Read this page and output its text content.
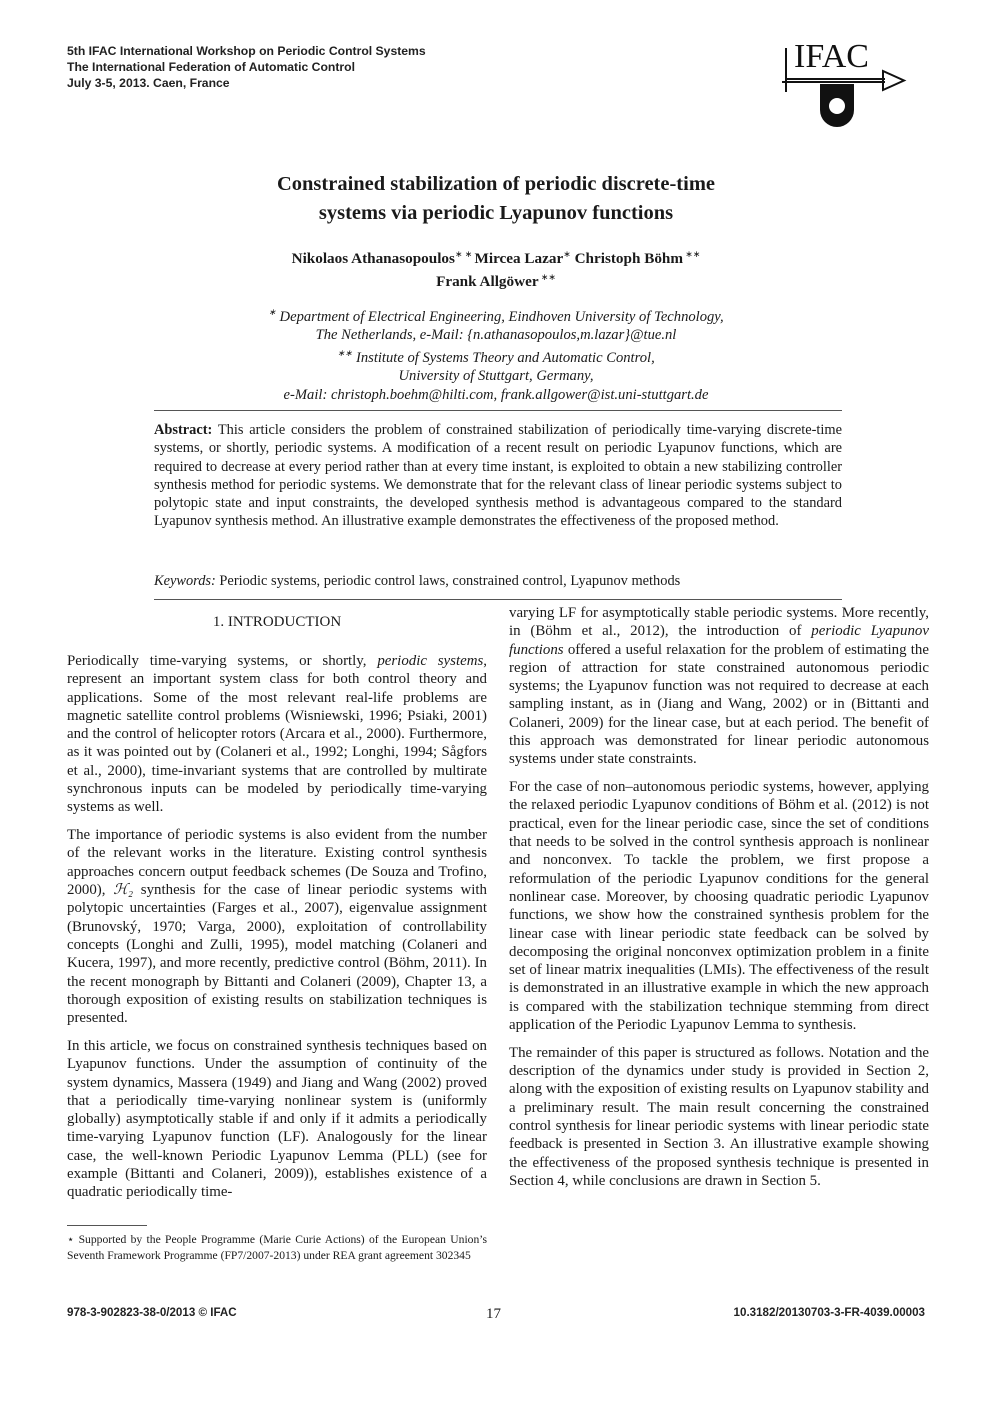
5th IFAC International Workshop on Periodic Control Systems
The International Federation of Automatic Control
July 3-5, 2013. Caen, France
IFAC
Constrained stabilization of periodic discrete-time
systems via periodic Lyapunov functions
Nikolaos Athanasopoulos∗ ∗ Mircea Lazar∗ Christoph Böhm ∗∗
Frank Allgöwer ∗∗
∗ Department of Electrical Engineering, Eindhoven University of Technology,
The Netherlands, e-Mail: {n.athanasopoulos,m.lazar}@tue.nl
∗∗ Institute of Systems Theory and Automatic Control,
University of Stuttgart, Germany,
e-Mail: christoph.boehm@hilti.com, frank.allgower@ist.uni-stuttgart.de
Abstract: This article considers the problem of constrained stabilization of periodically time-varying discrete-time systems, or shortly, periodic systems. A modification of a recent result on periodic Lyapunov functions, which are required to decrease at every period rather than at every time instant, is exploited to obtain a new stabilizing controller synthesis method for periodic systems. We demonstrate that for the relevant class of linear periodic systems subject to polytopic state and input constraints, the developed synthesis method is advantageous compared to the standard Lyapunov synthesis method. An illustrative example demonstrates the effectiveness of the proposed method.
Keywords: Periodic systems, periodic control laws, constrained control, Lyapunov methods
1. INTRODUCTION

Periodically time-varying systems, or shortly, periodic systems, represent an important system class for both control theory and applications. Some of the most relevant real-life problems are magnetic satellite control problems (Wisniewski, 1996; Psiaki, 2001) and the control of helicopter rotors (Arcara et al., 2000). Furthermore, as it was pointed out by (Colaneri et al., 1992; Longhi, 1994; Sågfors et al., 2000), time-invariant systems that are controlled by multirate synchronous inputs can be modeled by periodically time-varying systems as well.

The importance of periodic systems is also evident from the number of the relevant works in the literature. Existing control synthesis approaches concern output feedback schemes (De Souza and Trofino, 2000), ℋ₂ synthesis for the case of linear periodic systems with polytopic uncertainties (Farges et al., 2007), eigenvalue assignment (Brunovský, 1970; Varga, 2000), exploitation of controllability concepts (Longhi and Zulli, 1995), model matching (Colaneri and Kucera, 1997), and more recently, predictive control (Böhm, 2011). In the recent monograph by Bittanti and Colaneri (2009), Chapter 13, a thorough exposition of existing results on stabilization techniques is presented.

In this article, we focus on constrained synthesis techniques based on Lyapunov functions. Under the assumption of continuity of the system dynamics, Massera (1949) and Jiang and Wang (2002) proved that a periodically time-varying nonlinear system is (uniformly globally) asymptotically stable if and only if it admits a periodically time-varying Lyapunov function (LF). Analogously for the linear case, the well-known Periodic Lyapunov Lemma (PLL) (see for example (Bittanti and Colaneri, 2009)), establishes existence of a quadratic periodically time-

⋆ Supported by the People Programme (Marie Curie Actions) of the European Union’s Seventh Framework Programme (FP7/2007-2013) under REA grant agreement 302345

varying LF for asymptotically stable periodic systems. More recently, in (Böhm et al., 2012), the introduction of periodic Lyapunov functions offered a useful relaxation for the problem of estimating the region of attraction for state constrained autonomous periodic systems; the Lyapunov function was not required to decrease at each sampling instant, as in (Jiang and Wang, 2002) or in (Bittanti and Colaneri, 2009) for the linear case, but at each period. The benefit of this approach was demonstrated for linear periodic autonomous systems under state constraints.

For the case of non–autonomous periodic systems, however, applying the relaxed periodic Lyapunov conditions of Böhm et al. (2012) is not practical, even for the linear periodic case, since the set of conditions that needs to be solved in the control synthesis approach is nonlinear and nonconvex. To tackle the problem, we first propose a reformulation of the periodic Lyapunov conditions for the general nonlinear case. Moreover, by choosing quadratic periodic Lyapunov functions, we show how the constrained synthesis problem for the linear case with linear periodic state feedback can be solved by decomposing the original nonconvex optimization problem in a finite set of linear matrix inequalities (LMIs). The effectiveness of the result is demonstrated in an illustrative example in which the new approach is compared with the stabilization technique stemming from direct application of the Periodic Lyapunov Lemma to synthesis.

The remainder of this paper is structured as follows. Notation and the description of the dynamics under study is provided in Section 2, along with the exposition of existing results on Lyapunov stability and a preliminary result. The main result concerning the constrained control synthesis for linear periodic systems with linear periodic state feedback is presented in Section 3. An illustrative example showing the effectiveness of the proposed synthesis technique is presented in Section 4, while conclusions are drawn in Section 5.

978-3-902823-38-0/2013 © IFAC	17	10.3182/20130703-3-FR-4039.00003
